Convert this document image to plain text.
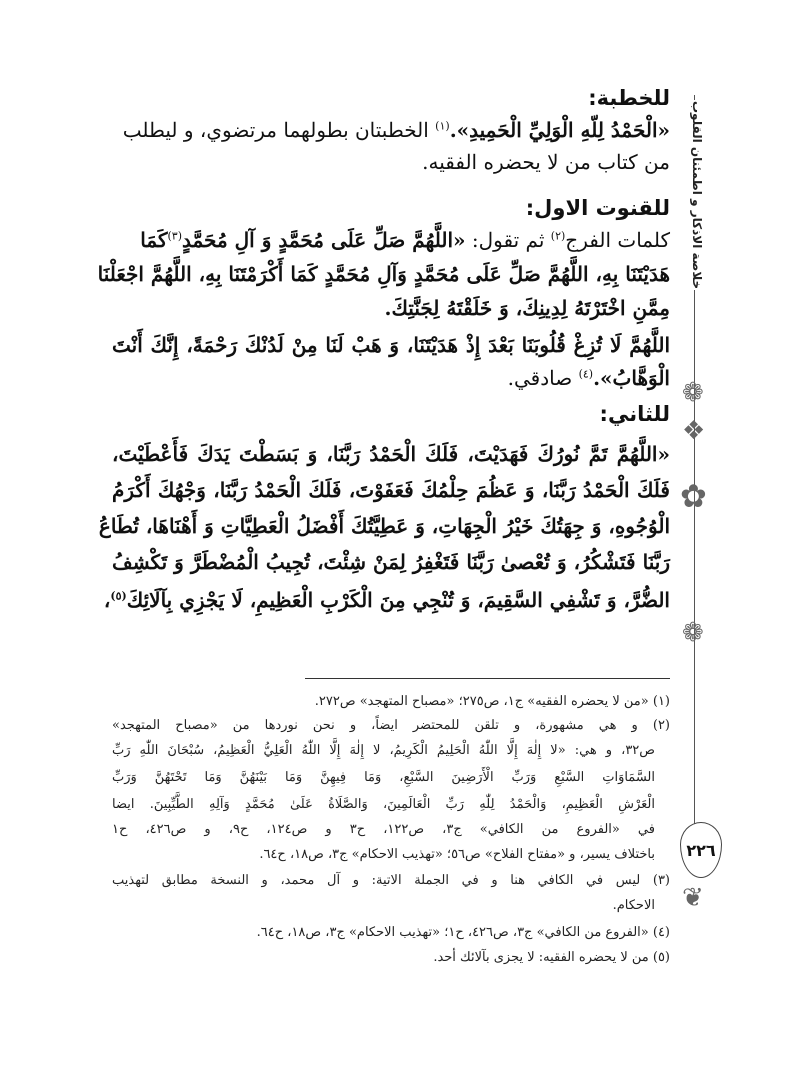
خلاصة الاذكار و اطمئنان القلوب
❁
❖
✿
❁
٢٢٦
❦
للخطبة:
«الْحَمْدُ لِلّهِ الْوَلِيِّ الْحَمِيدِ».$^{(١)}$ الخطبتان بطولهما مرتضوي، و ليطلب
من كتاب من لا يحضره الفقيه.
للقنوت الاول:
كلمات الفرج$^{(٢)}$ ثم تقول: «اللَّهُمَّ صَلِّ عَلَى مُحَمَّدٍ وَ آلِ مُحَمَّدٍ$^{(٣)}$كَمَا
هَدَيْتَنَا بِهِ، اللَّهُمَّ صَلِّ عَلَى مُحَمَّدٍ وَآلِ مُحَمَّدٍ كَمَا أَكْرَمْتَنَا بِهِ، اللَّهُمَّ اجْعَلْنَا
مِمَّنِ اخْتَرْتَهُ لِدِينِكَ، وَ خَلَقْتَهُ لِجَنَّتِكَ.
اللَّهُمَّ لَا تُزِغْ قُلُوبَنَا بَعْدَ إِذْ هَدَيْتَنَا، وَ هَبْ لَنَا مِنْ لَدُنْكَ رَحْمَةً، إِنَّكَ أَنْتَ
الْوَهَّابُ».$^{(٤)}$ صادقي.
للثاني:
«اللَّهُمَّ تَمَّ نُورُكَ فَهَدَيْتَ، فَلَكَ الْحَمْدُ رَبَّنَا، وَ بَسَطْتَ يَدَكَ فَأَعْطَيْتَ،
فَلَكَ الْحَمْدُ رَبَّنَا، وَ عَظُمَ حِلْمُكَ فَعَفَوْتَ، فَلَكَ الْحَمْدُ رَبَّنَا، وَجْهُكَ أَكْرَمُ
الْوُجُوهِ، وَ جِهَتُكَ خَيْرُ الْجِهَاتِ، وَ عَطِيَّتُكَ أَفْضَلُ الْعَطِيَّاتِ وَ أَهْنَاهَا، تُطَاعُ
رَبَّنَا فَتَشْكُرُ، وَ تُعْصىٰ رَبَّنَا فَتَغْفِرُ لِمَنْ شِئْتَ، تُجِيبُ الْمُضْطَرَّ وَ تَكْشِفُ
الضُّرَّ، وَ تَشْفِي السَّقِيمَ، وَ تُنْجِي مِنَ الْكَرْبِ الْعَظِيمِ، لَا يَجْزِي بِآلَائِكَ$^{(٥)}$،
(١) «من لا يحضره الفقيه» ج١، ص٢٧٥؛ «مصباح المتهجد» ص٢٧٢.
(٢) و هي مشهورة، و تلقن للمحتضر ايضاً، و نحن نوردها من «مصباح المتهجد»
ص٣٢، و هي: «لا إِلٰهَ إِلَّا اللّٰهُ الْحَلِيمُ الْكَرِيمُ، لا إِلٰهَ إِلَّا اللّٰهُ الْعَلِيُّ الْعَظِيمُ، سُبْحَانَ اللّٰهِ رَبِّ
السَّمَاوَاتِ السَّبْعِ وَرَبِّ الْأَرَضِينَ السَّبْعِ، وَمَا فِيهِنَّ وَمَا بَيْنَهُنَّ وَمَا تَحْتَهُنَّ وَرَبِّ
الْعَرْشِ الْعَظِيمِ، وَالْحَمْدُ لِلّٰهِ رَبِّ الْعَالَمِينَ، وَالصَّلَاةُ عَلَىٰ مُحَمَّدٍ وَآلِهِ الطَّيِّبِينَ. ايضا
في «الفروع من الكافي» ج٣، ص١٢٢، ح٣ و ص١٢٤، ح٩، و ص٤٢٦، ح١
باختلاف يسير، و «مفتاح الفلاح» ص٥٦؛ «تهذيب الاحكام» ج٣، ص١٨، ح٦٤.
(٣) ليس في الكافي هنا و في الجملة الاتية: و آل محمد، و النسخة مطابق لتهذيب
الاحكام.
(٤) «الفروع من الكافي» ج٣، ص٤٢٦، ح١؛ «تهذيب الاحكام» ج٣، ص١٨، ح٦٤.
(٥) من لا يحضره الفقيه: لا يجزى بآلائك أحد.
